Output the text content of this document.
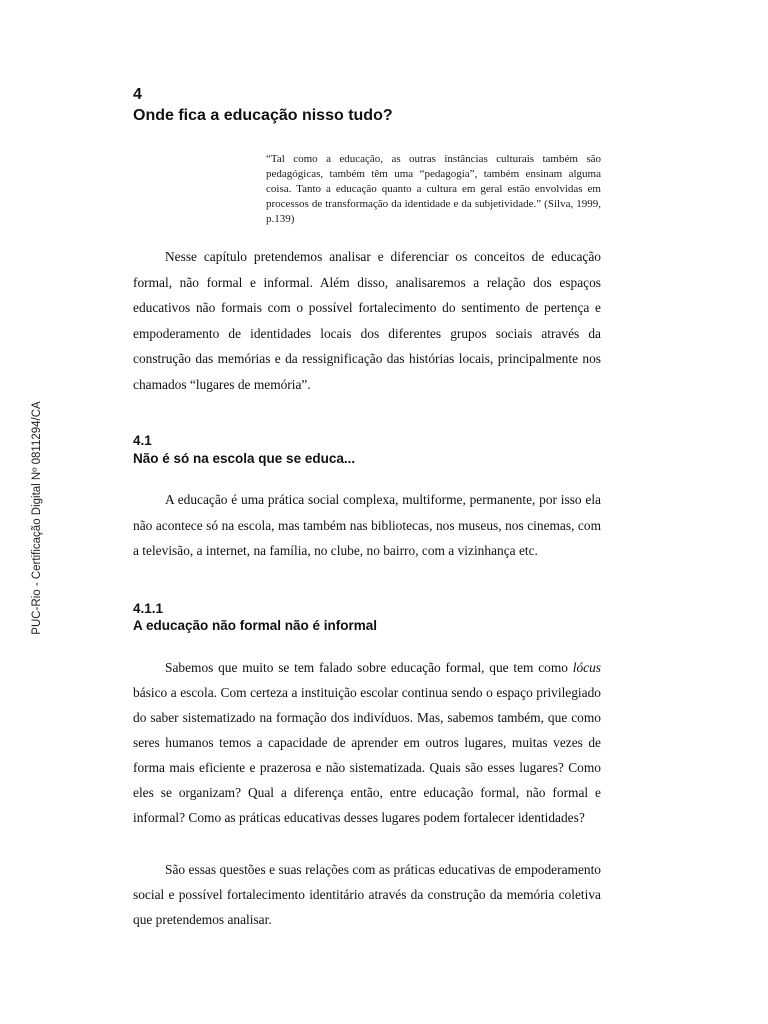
PUC-Rio - Certificação Digital Nº 0811294/CA
4
Onde fica a educação nisso tudo?
“Tal como a educação, as outras instâncias culturais também são pedagógicas, também têm uma “pedagogia”, também ensinam alguma coisa. Tanto a educação quanto a cultura em geral estão envolvidas em processos de transformação da identidade e da subjetividade.” (Silva, 1999, p.139)

Nesse capítulo pretendemos analisar e diferenciar os conceitos de educação formal, não formal e informal. Além disso, analisaremos a relação dos espaços educativos não formais com o possível fortalecimento do sentimento de pertença e empoderamento de identidades locais dos diferentes grupos sociais através da construção das memórias e da ressignificação das histórias locais, principalmente nos chamados “lugares de memória”.

4.1
Não é só na escola que se educa...

A educação é uma prática social complexa, multiforme, permanente, por isso ela não acontece só na escola, mas também nas bibliotecas, nos museus, nos cinemas, com a televisão, a internet, na família, no clube, no bairro, com a vizinhança etc.

4.1.1
A educação não formal não é informal

Sabemos que muito se tem falado sobre educação formal, que tem como lócus básico a escola. Com certeza a instituição escolar continua sendo o espaço privilegiado do saber sistematizado na formação dos indivíduos. Mas, sabemos também, que como seres humanos temos a capacidade de aprender em outros lugares, muitas vezes de forma mais eficiente e prazerosa e não sistematizada. Quais são esses lugares? Como eles se organizam? Qual a diferença então, entre educação formal, não formal e informal? Como as práticas educativas desses lugares podem fortalecer identidades?

São essas questões e suas relações com as práticas educativas de empoderamento social e possível fortalecimento identitário através da construção da memória coletiva que pretendemos analisar.
